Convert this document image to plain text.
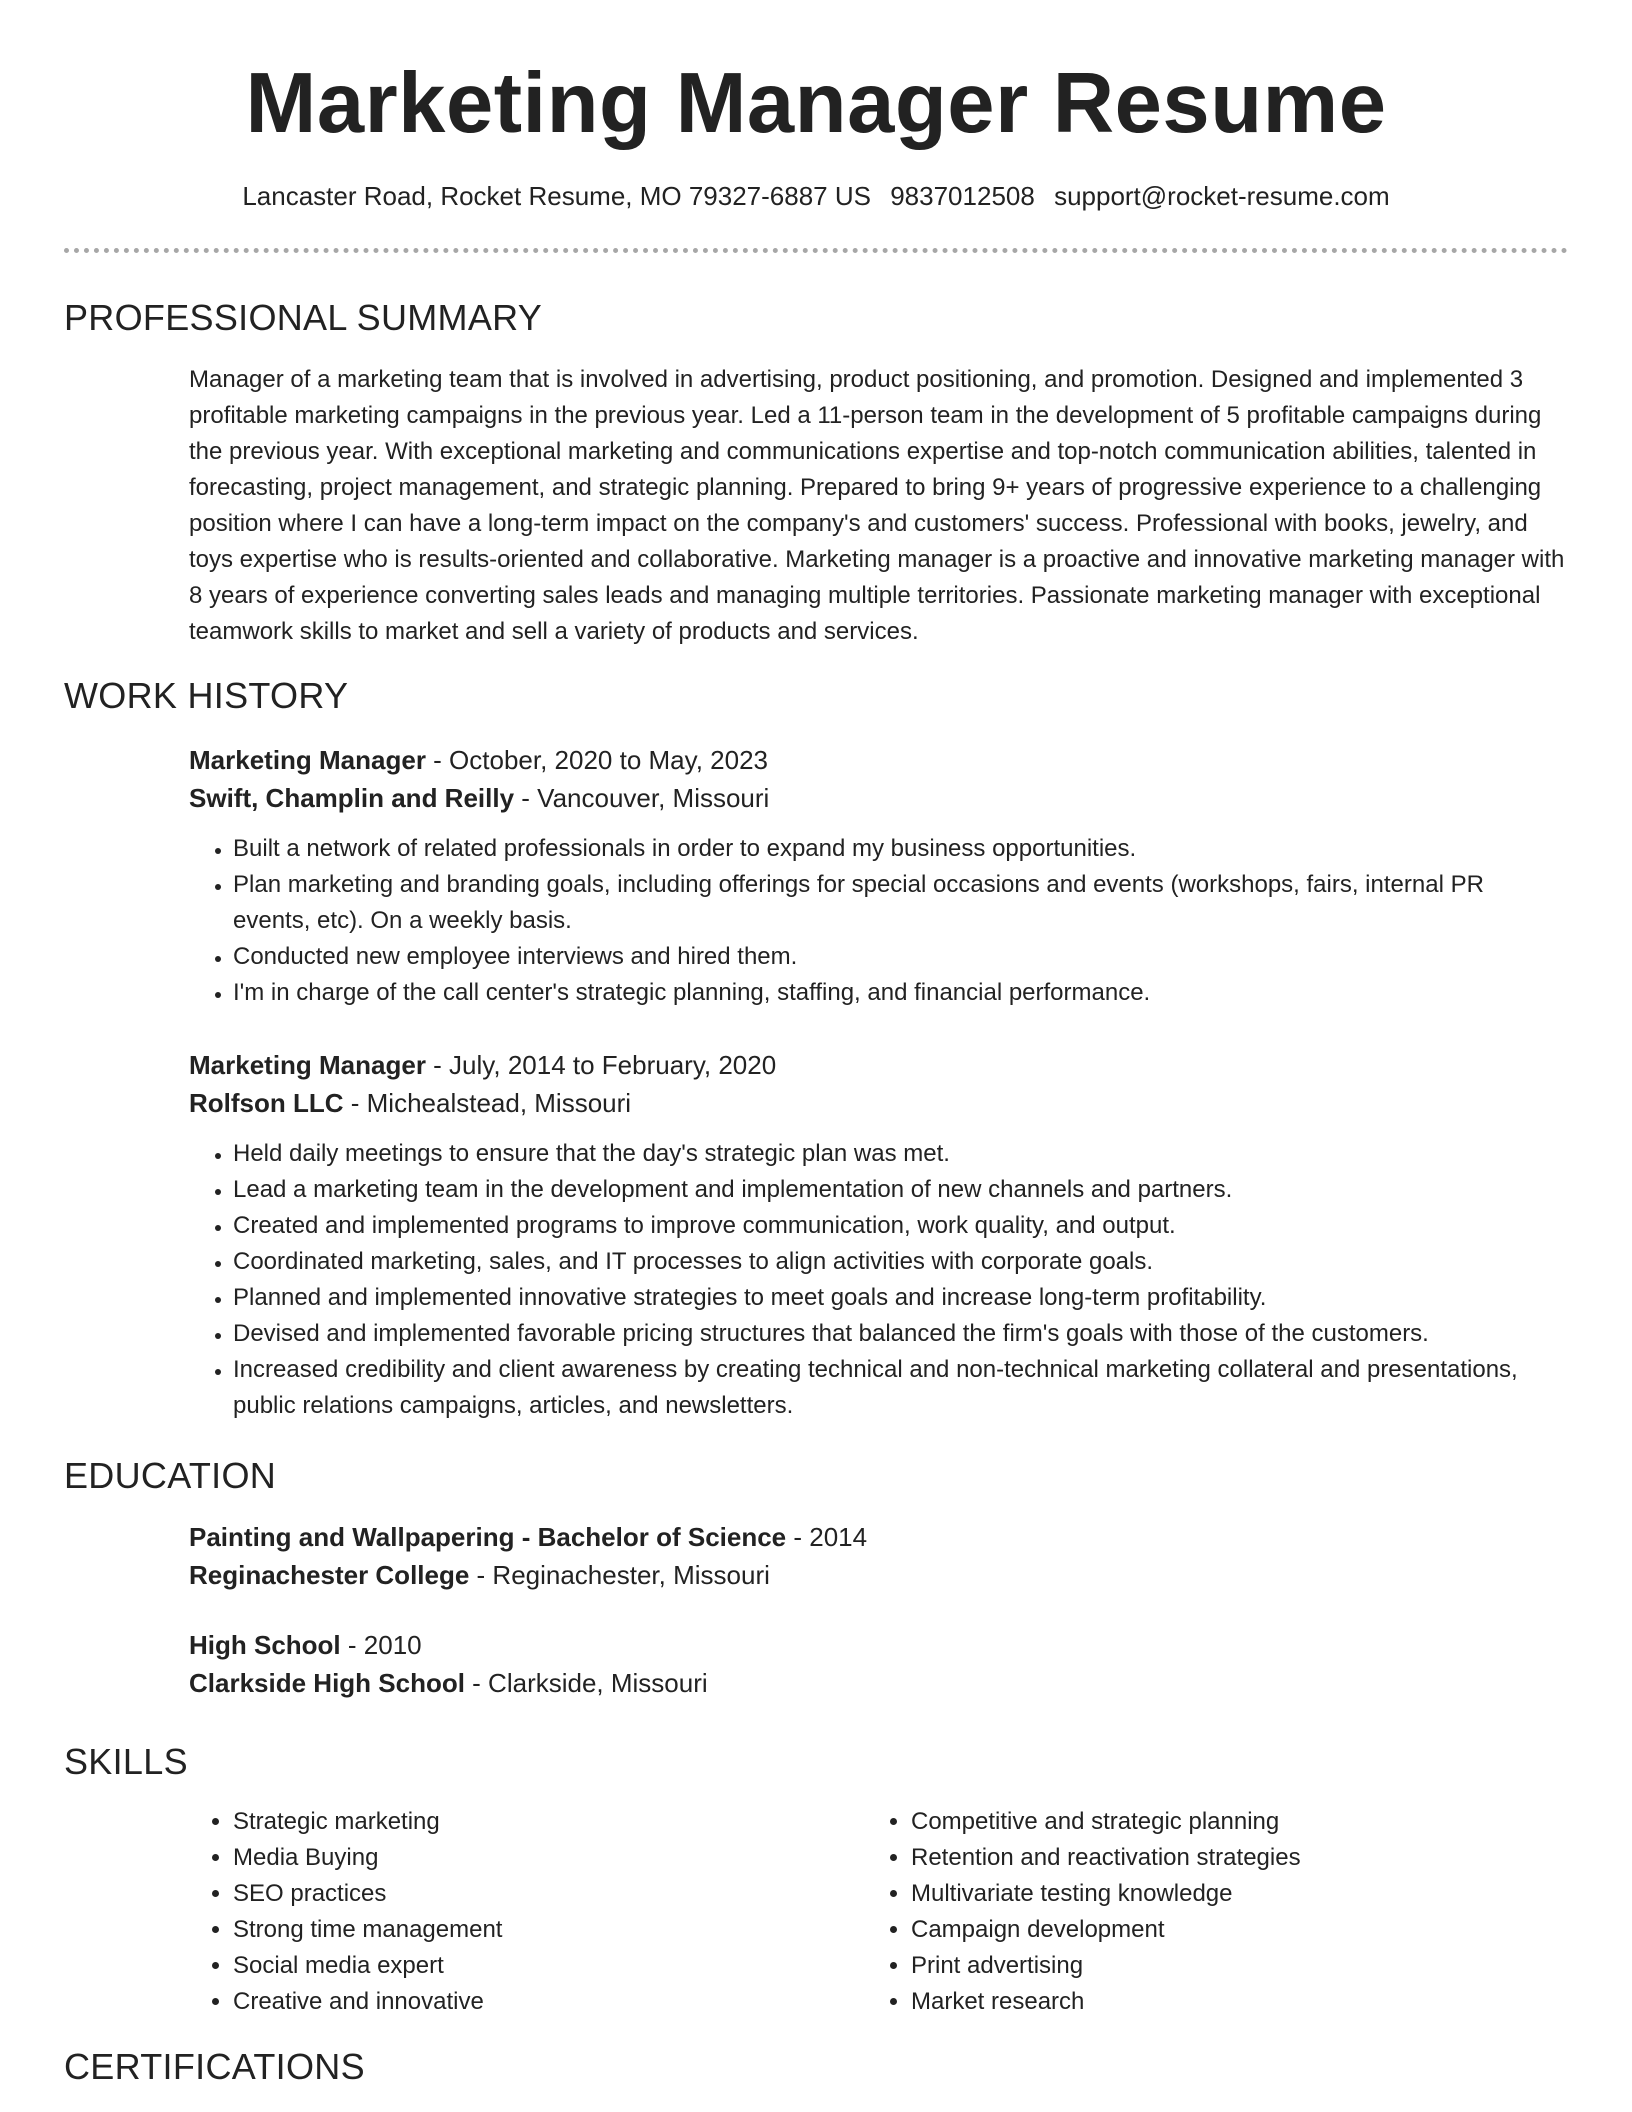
Marketing Manager Resume
Lancaster Road, Rocket Resume, MO 79327-6887 US 9837012508 support@rocket-resume.com
PROFESSIONAL SUMMARY

Manager of a marketing team that is involved in advertising, product positioning, and promotion. Designed and implemented 3 profitable marketing campaigns in the previous year. Led a 11-person team in the development of 5 profitable campaigns during the previous year. With exceptional marketing and communications expertise and top-notch communication abilities, talented in forecasting, project management, and strategic planning. Prepared to bring 9+ years of progressive experience to a challenging position where I can have a long-term impact on the company's and customers' success. Professional with books, jewelry, and toys expertise who is results-oriented and collaborative. Marketing manager is a proactive and innovative marketing manager with 8 years of experience converting sales leads and managing multiple territories. Passionate marketing manager with exceptional teamwork skills to market and sell a variety of products and services.

WORK HISTORY

Marketing Manager - October, 2020 to May, 2023

Swift, Champlin and Reilly - Vancouver, Missouri

• Built a network of related professionals in order to expand my business opportunities.
• Plan marketing and branding goals, including offerings for special occasions and events (workshops, fairs, internal PR events, etc). On a weekly basis.
• Conducted new employee interviews and hired them.
• I'm in charge of the call center's strategic planning, staffing, and financial performance.

Marketing Manager - July, 2014 to February, 2020

Rolfson LLC - Michealstead, Missouri

• Held daily meetings to ensure that the day's strategic plan was met.
• Lead a marketing team in the development and implementation of new channels and partners.
• Created and implemented programs to improve communication, work quality, and output.
• Coordinated marketing, sales, and IT processes to align activities with corporate goals.
• Planned and implemented innovative strategies to meet goals and increase long-term profitability.
• Devised and implemented favorable pricing structures that balanced the firm's goals with those of the customers.
• Increased credibility and client awareness by creating technical and non-technical marketing collateral and presentations, public relations campaigns, articles, and newsletters.
EDUCATION

Painting and Wallpapering - Bachelor of Science - 2014

Reginachester College - Reginachester, Missouri

High School - 2010

Clarkside High School - Clarkside, Missouri

SKILLS
• Strategic marketing
• Media Buying
• SEO practices
• Strong time management
• Social media expert
• Creative and innovative
• Competitive and strategic planning
• Retention and reactivation strategies
• Multivariate testing knowledge
• Campaign development
• Print advertising
• Market research
CERTIFICATIONS
